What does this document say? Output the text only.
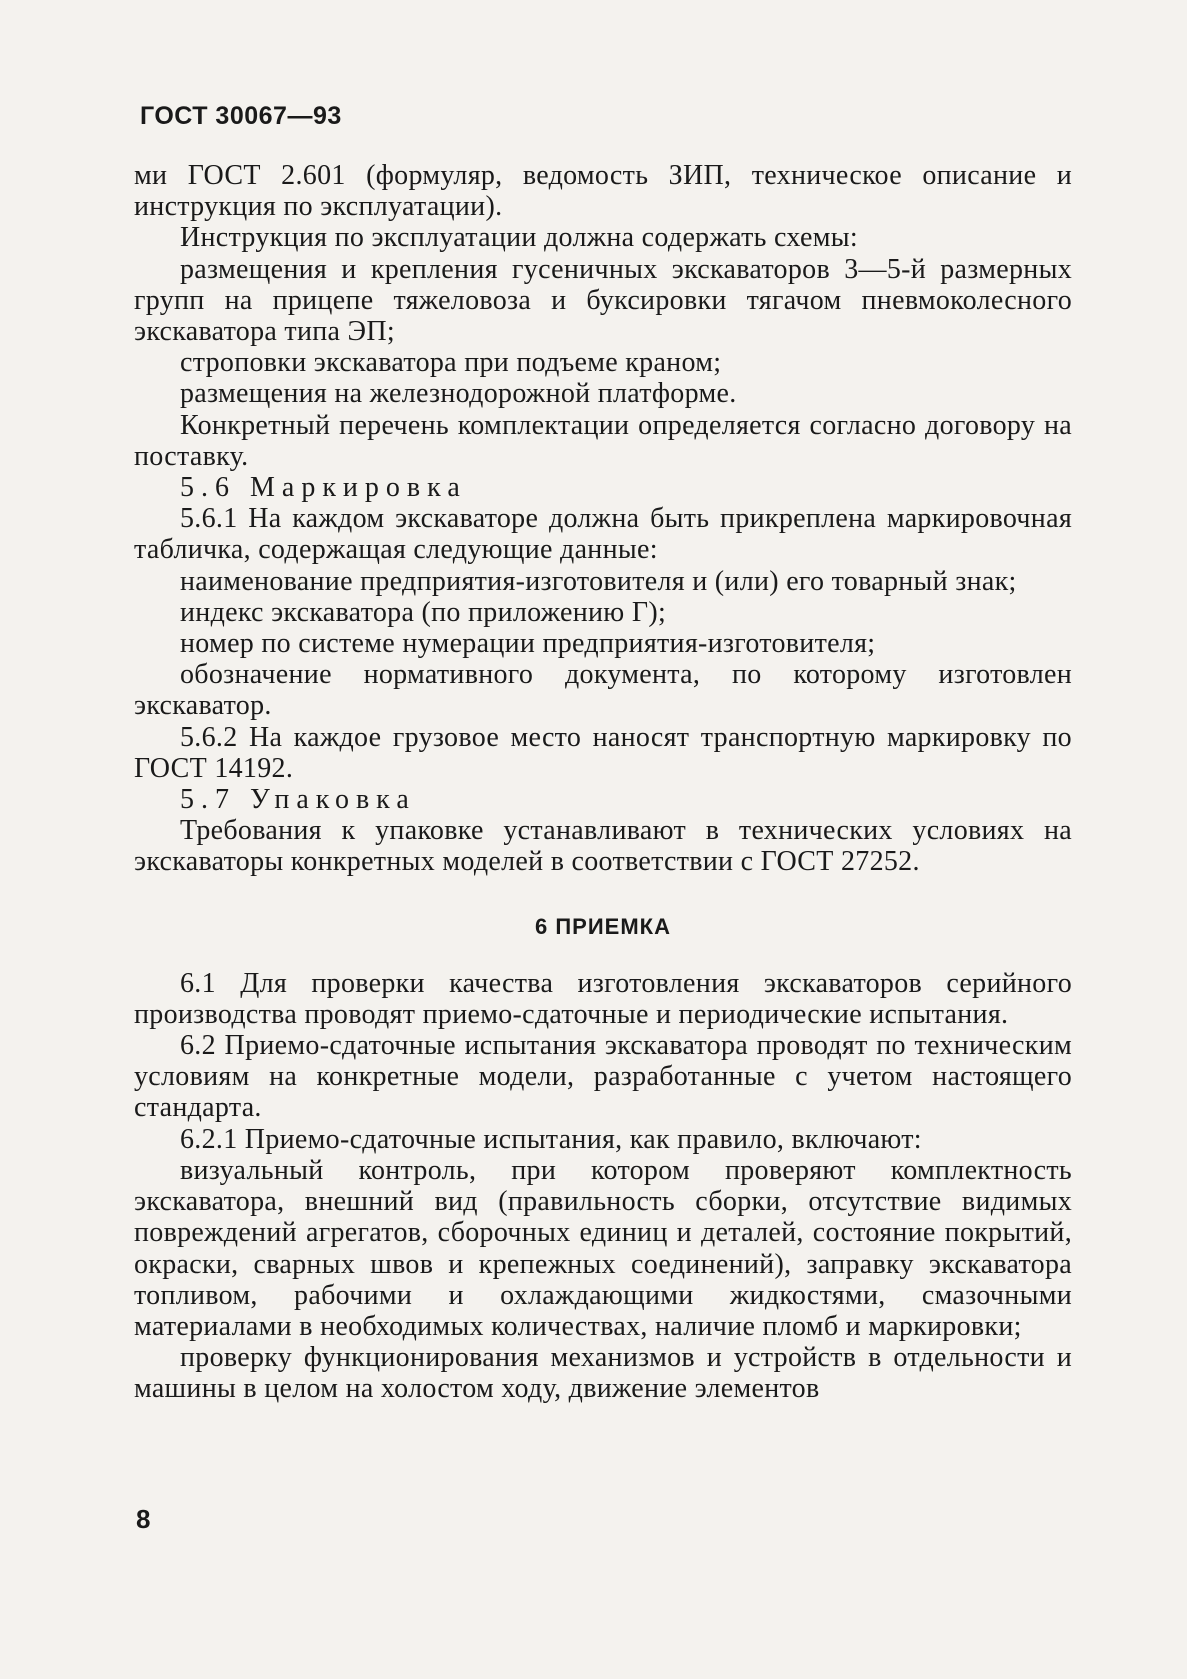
ГОСТ 30067—93

ми ГОСТ 2.601 (формуляр, ведомость ЗИП, техническое описание и инструкция по эксплуатации).

Инструкция по эксплуатации должна содержать схемы:

размещения и крепления гусеничных экскаваторов 3—5-й размерных групп на прицепе тяжеловоза и буксировки тягачом пневмоколесного экскаватора типа ЭП;

строповки экскаватора при подъеме краном;

размещения на железнодорожной платформе.

Конкретный перечень комплектации определяется согласно договору на поставку.

5.6 Маркировка

5.6.1 На каждом экскаваторе должна быть прикреплена маркировочная табличка, содержащая следующие данные:

наименование предприятия-изготовителя и (или) его товарный знак;

индекс экскаватора (по приложению Г);

номер по системе нумерации предприятия-изготовителя;

обозначение нормативного документа, по которому изготовлен экскаватор.

5.6.2 На каждое грузовое место наносят транспортную маркировку по ГОСТ 14192.

5.7 Упаковка

Требования к упаковке устанавливают в технических условиях на экскаваторы конкретных моделей в соответствии с ГОСТ 27252.

6 ПРИЕМКА

6.1 Для проверки качества изготовления экскаваторов серийного производства проводят приемо-сдаточные и периодические испытания.

6.2 Приемо-сдаточные испытания экскаватора проводят по техническим условиям на конкретные модели, разработанные с учетом настоящего стандарта.

6.2.1 Приемо-сдаточные испытания, как правило, включают:

визуальный контроль, при котором проверяют комплектность экскаватора, внешний вид (правильность сборки, отсутствие видимых повреждений агрегатов, сборочных единиц и деталей, состояние покрытий, окраски, сварных швов и крепежных соединений), заправку экскаватора топливом, рабочими и охлаждающими жидкостями, смазочными материалами в необходимых количествах, наличие пломб и маркировки;

проверку функционирования механизмов и устройств в отдельности и машины в целом на холостом ходу, движение элементов

8
